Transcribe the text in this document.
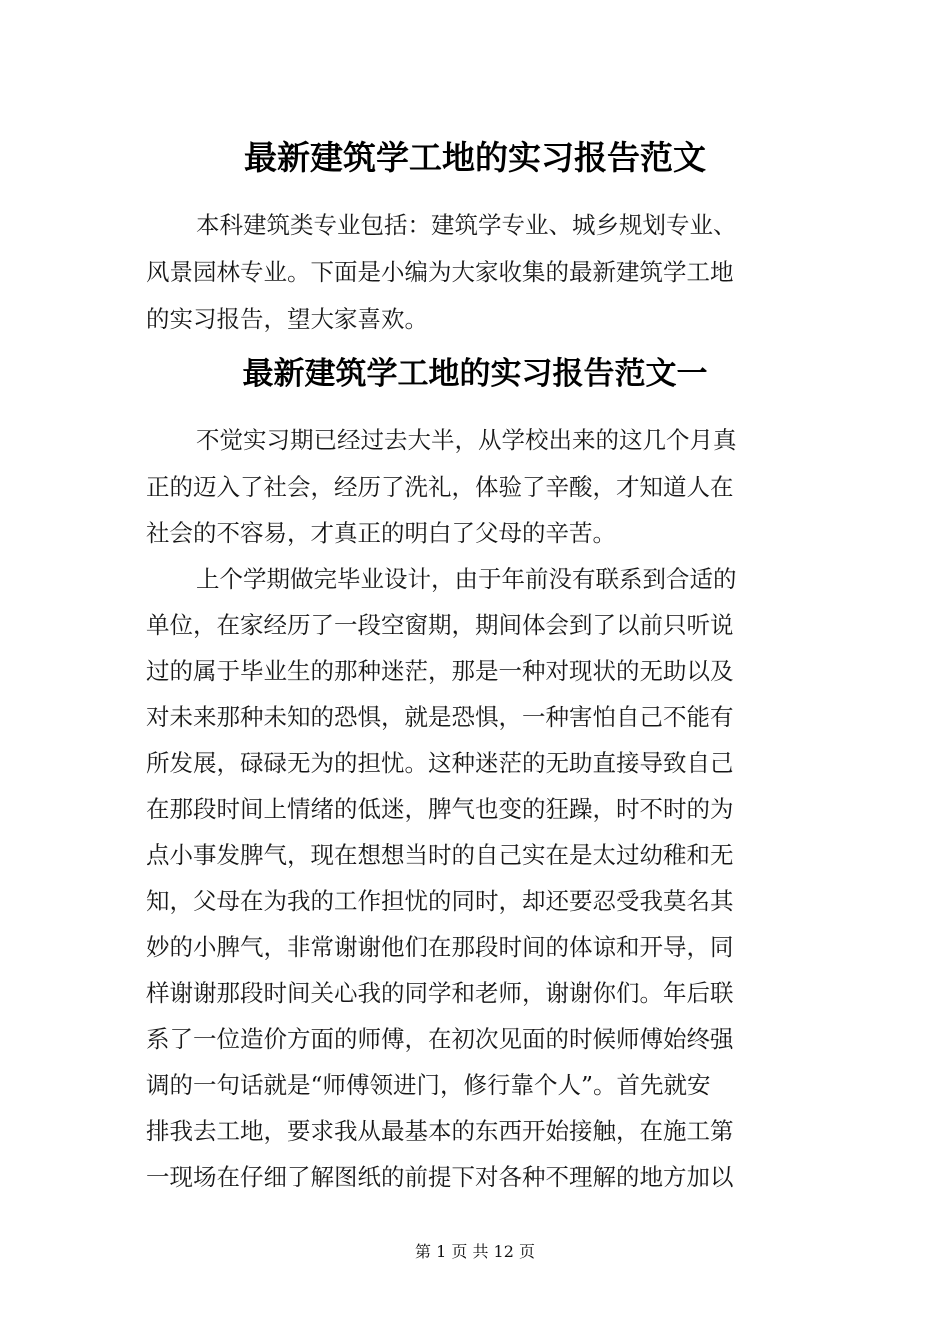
最新建筑学工地的实习报告范文
本科建筑类专业包括：建筑学专业、城乡规划专业、
风景园林专业。下面是小编为大家收集的最新建筑学工地
的实习报告，望大家喜欢。
最新建筑学工地的实习报告范文一
不觉实习期已经过去大半，从学校出来的这几个月真
正的迈入了社会，经历了洗礼，体验了辛酸，才知道人在
社会的不容易，才真正的明白了父母的辛苦。
上个学期做完毕业设计，由于年前没有联系到合适的
单位，在家经历了一段空窗期，期间体会到了以前只听说
过的属于毕业生的那种迷茫，那是一种对现状的无助以及
对未来那种未知的恐惧，就是恐惧，一种害怕自己不能有
所发展，碌碌无为的担忧。这种迷茫的无助直接导致自己
在那段时间上情绪的低迷，脾气也变的狂躁，时不时的为
点小事发脾气，现在想想当时的自己实在是太过幼稚和无
知，父母在为我的工作担忧的同时，却还要忍受我莫名其
妙的小脾气，非常谢谢他们在那段时间的体谅和开导，同
样谢谢那段时间关心我的同学和老师，谢谢你们。年后联
系了一位造价方面的师傅，在初次见面的时候师傅始终强
调的一句话就是“师傅领进门，修行靠个人”。首先就安
排我去工地，要求我从最基本的东西开始接触，在施工第
一现场在仔细了解图纸的前提下对各种不理解的地方加以
第 1 页 共 12 页
